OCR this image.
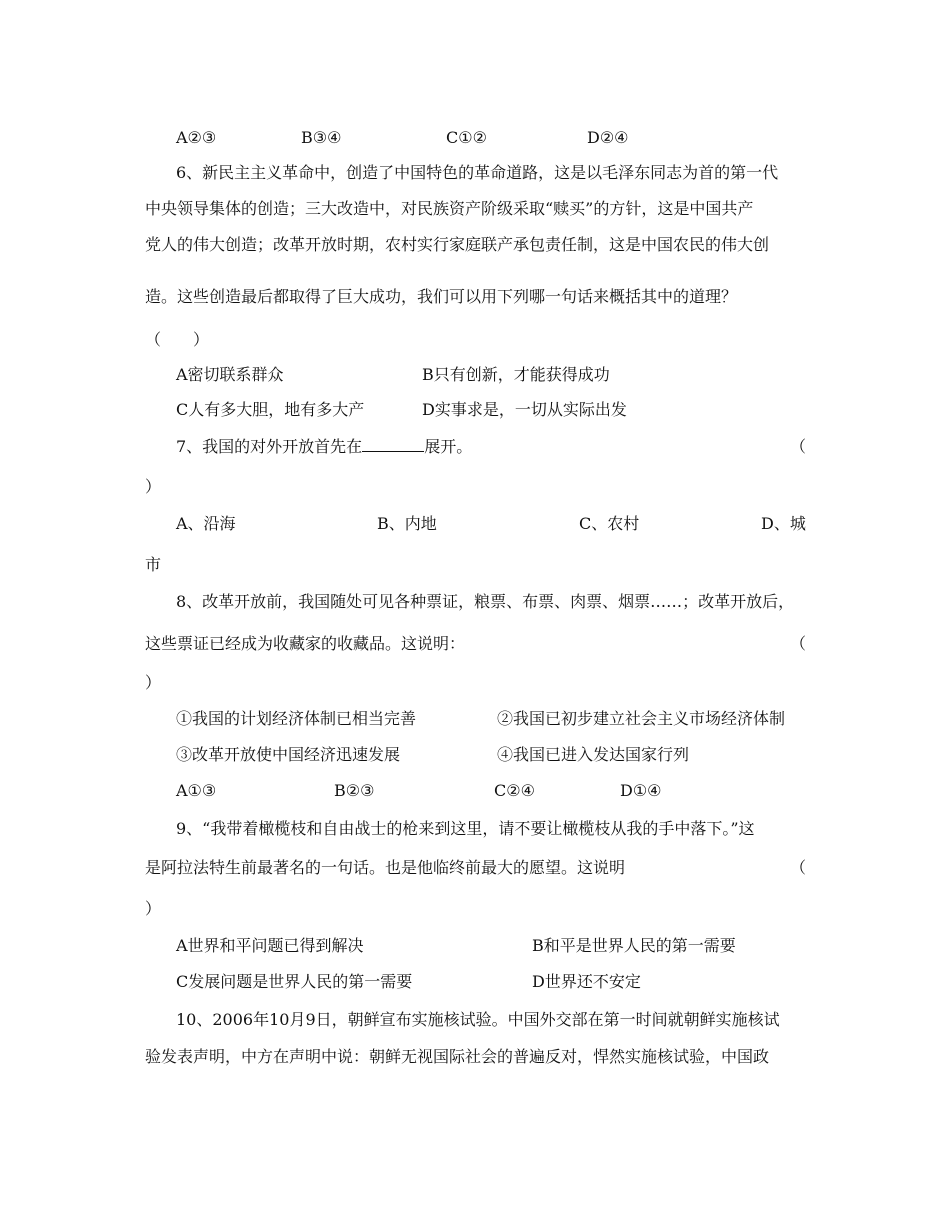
A②③	B③④	C①②	D②④
6、新民主主义革命中，创造了中国特色的革命道路，这是以毛泽东同志为首的第一代
中央领导集体的创造；三大改造中，对民族资产阶级采取“赎买”的方针，这是中国共产
党人的伟大创造；改革开放时期，农村实行家庭联产承包责任制，这是中国农民的伟大创
造。这些创造最后都取得了巨大成功，我们可以用下列哪一句话来概括其中的道理？
（　　）
A密切联系群众	B只有创新，才能获得成功
C人有多大胆，地有多大产	D实事求是，一切从实际出发
7、我国的对外开放首先在	展开。	（
）
A、沿海	B、内地	C、农村	D、城
市
8、改革开放前，我国随处可见各种票证，粮票、布票、肉票、烟票……；改革开放后，
这些票证已经成为收藏家的收藏品。这说明：	（
）
①我国的计划经济体制已相当完善	②我国已初步建立社会主义市场经济体制
③改革开放使中国经济迅速发展	④我国已进入发达国家行列
A①③	B②③	C②④	D①④
9、“我带着橄榄枝和自由战士的枪来到这里，请不要让橄榄枝从我的手中落下。”这
是阿拉法特生前最著名的一句话。也是他临终前最大的愿望。这说明	（
）
A世界和平问题已得到解决	B和平是世界人民的第一需要
C发展问题是世界人民的第一需要	D世界还不安定
10、2006年10月9日，朝鲜宣布实施核试验。中国外交部在第一时间就朝鲜实施核试
验发表声明，中方在声明中说：朝鲜无视国际社会的普遍反对，悍然实施核试验，中国政
